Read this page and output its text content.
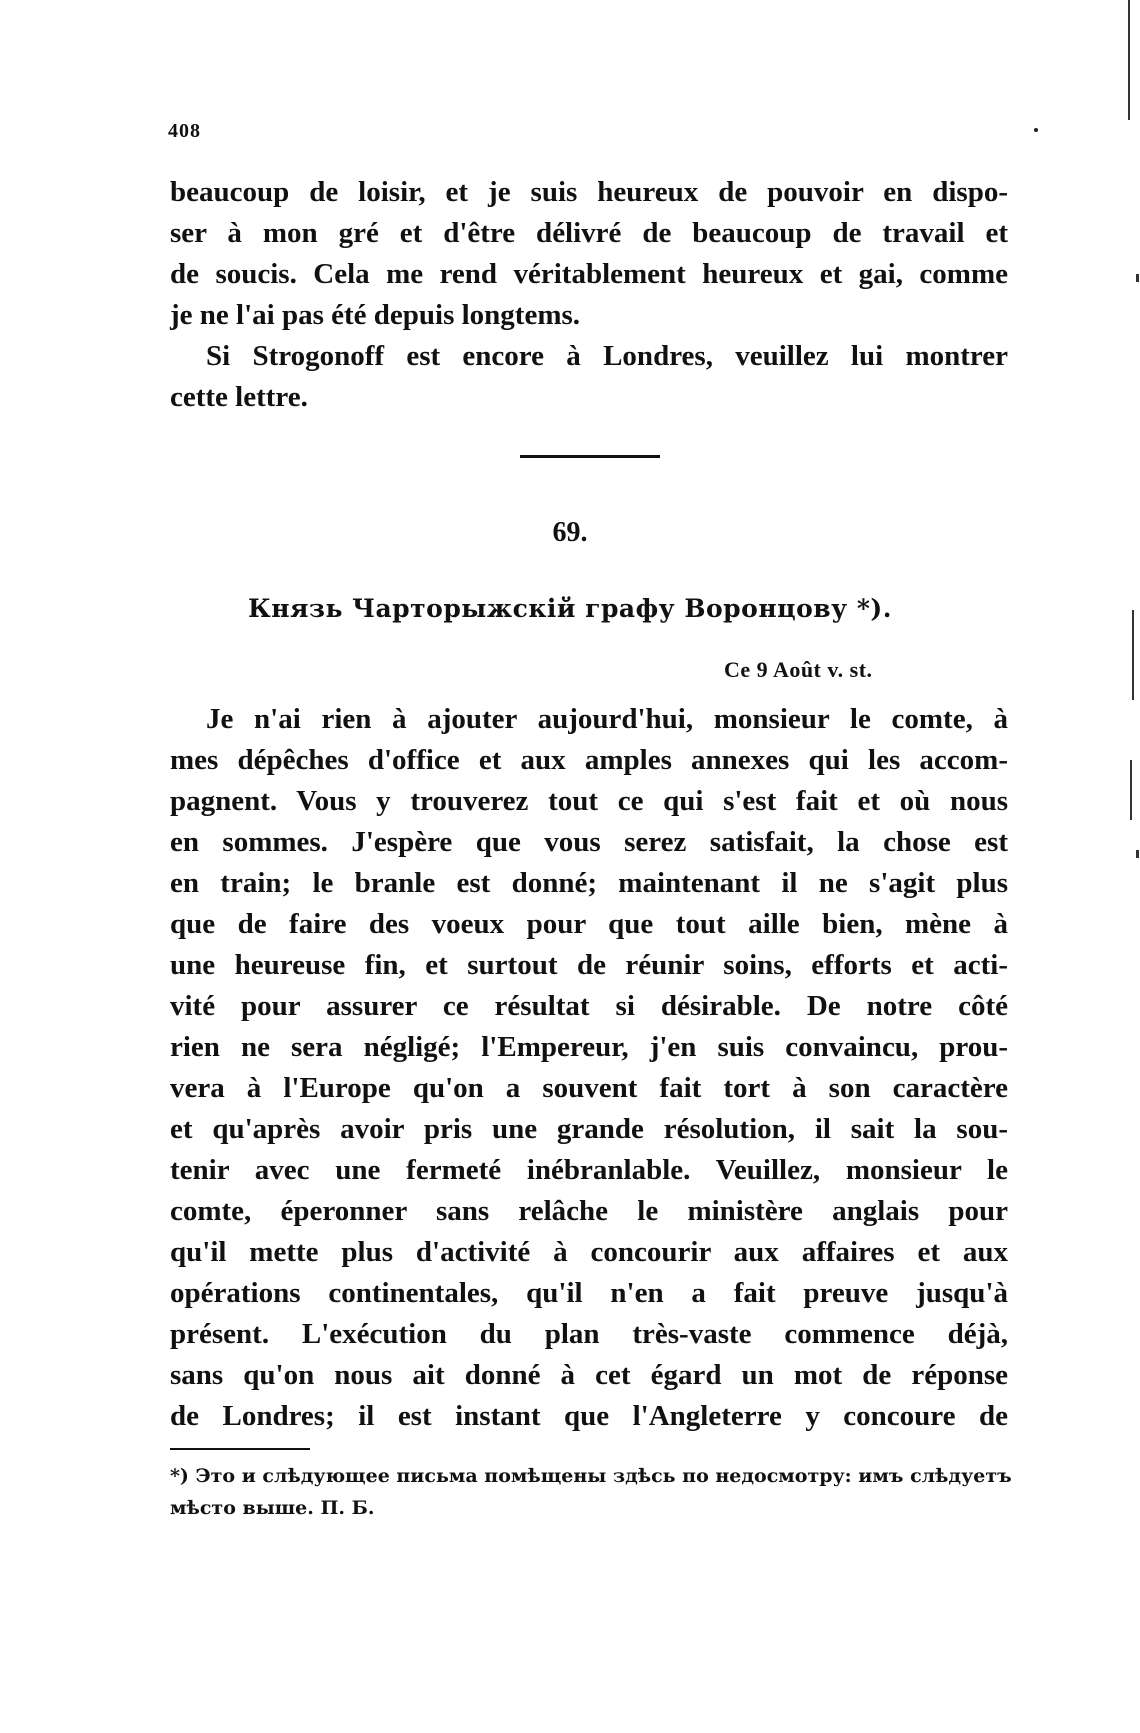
408
beaucoup de loisir, et je suis heureux de pouvoir en dispo-
ser à mon gré et d'être délivré de beaucoup de travail et
de soucis. Cela me rend véritablement heureux et gai, comme
je ne l'ai pas été depuis longtems.
Si Strogonoff est encore à Londres, veuillez lui montrer
cette lettre.
69.
Князь Чарторыжскій графу Воронцову *).
Ce 9 Août v. st.
Je n'ai rien à ajouter aujourd'hui, monsieur le comte, à
mes dépêches d'office et aux amples annexes qui les accom-
pagnent. Vous y trouverez tout ce qui s'est fait et où nous
en sommes. J'espère que vous serez satisfait, la chose est
en train; le branle est donné; maintenant il ne s'agit plus
que de faire des voeux pour que tout aille bien, mène à
une heureuse fin, et surtout de réunir soins, efforts et acti-
vité pour assurer ce résultat si désirable. De notre côté
rien ne sera négligé; l'Empereur, j'en suis convaincu, prou-
vera à l'Europe qu'on a souvent fait tort à son caractère
et qu'après avoir pris une grande résolution, il sait la sou-
tenir avec une fermeté inébranlable. Veuillez, monsieur le
comte, éperonner sans relâche le ministère anglais pour
qu'il mette plus d'activité à concourir aux affaires et aux
opérations continentales, qu'il n'en a fait preuve jusqu'à
présent. L'exécution du plan très-vaste commence déjà,
sans qu'on nous ait donné à cet égard un mot de réponse
de Londres; il est instant que l'Angleterre y concoure de
*) Это и слѣдующее письма помѣщены здѣсь по недосмотру: имъ слѣдуетъ
мѣсто выше. П. Б.
